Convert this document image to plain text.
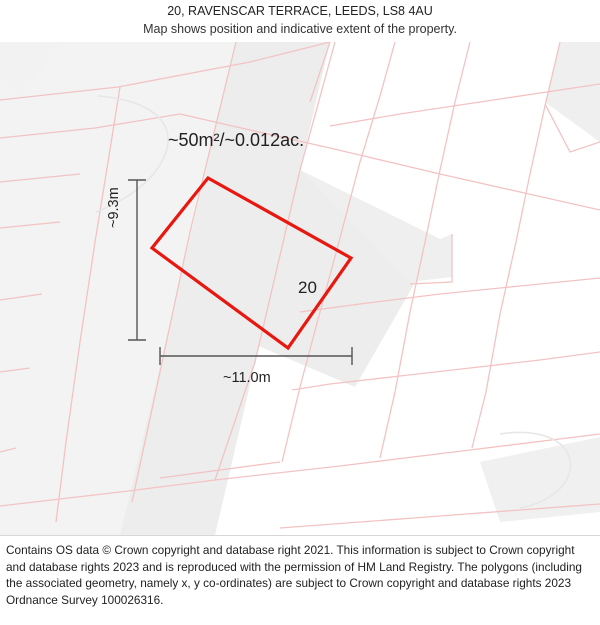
20, RAVENSCAR TERRACE, LEEDS, LS8 4AU
Map shows position and indicative extent of the property.
~50m²/~0.012ac.
20
~11.0m
~9.3m

Contains OS data © Crown copyright and database right 2021. This information is subject to Crown copyright and database rights 2023 and is reproduced with the permission of HM Land Registry. The polygons (including the associated geometry, namely x, y co-ordinates) are subject to Crown copyright and database rights 2023 Ordnance Survey 100026316.
